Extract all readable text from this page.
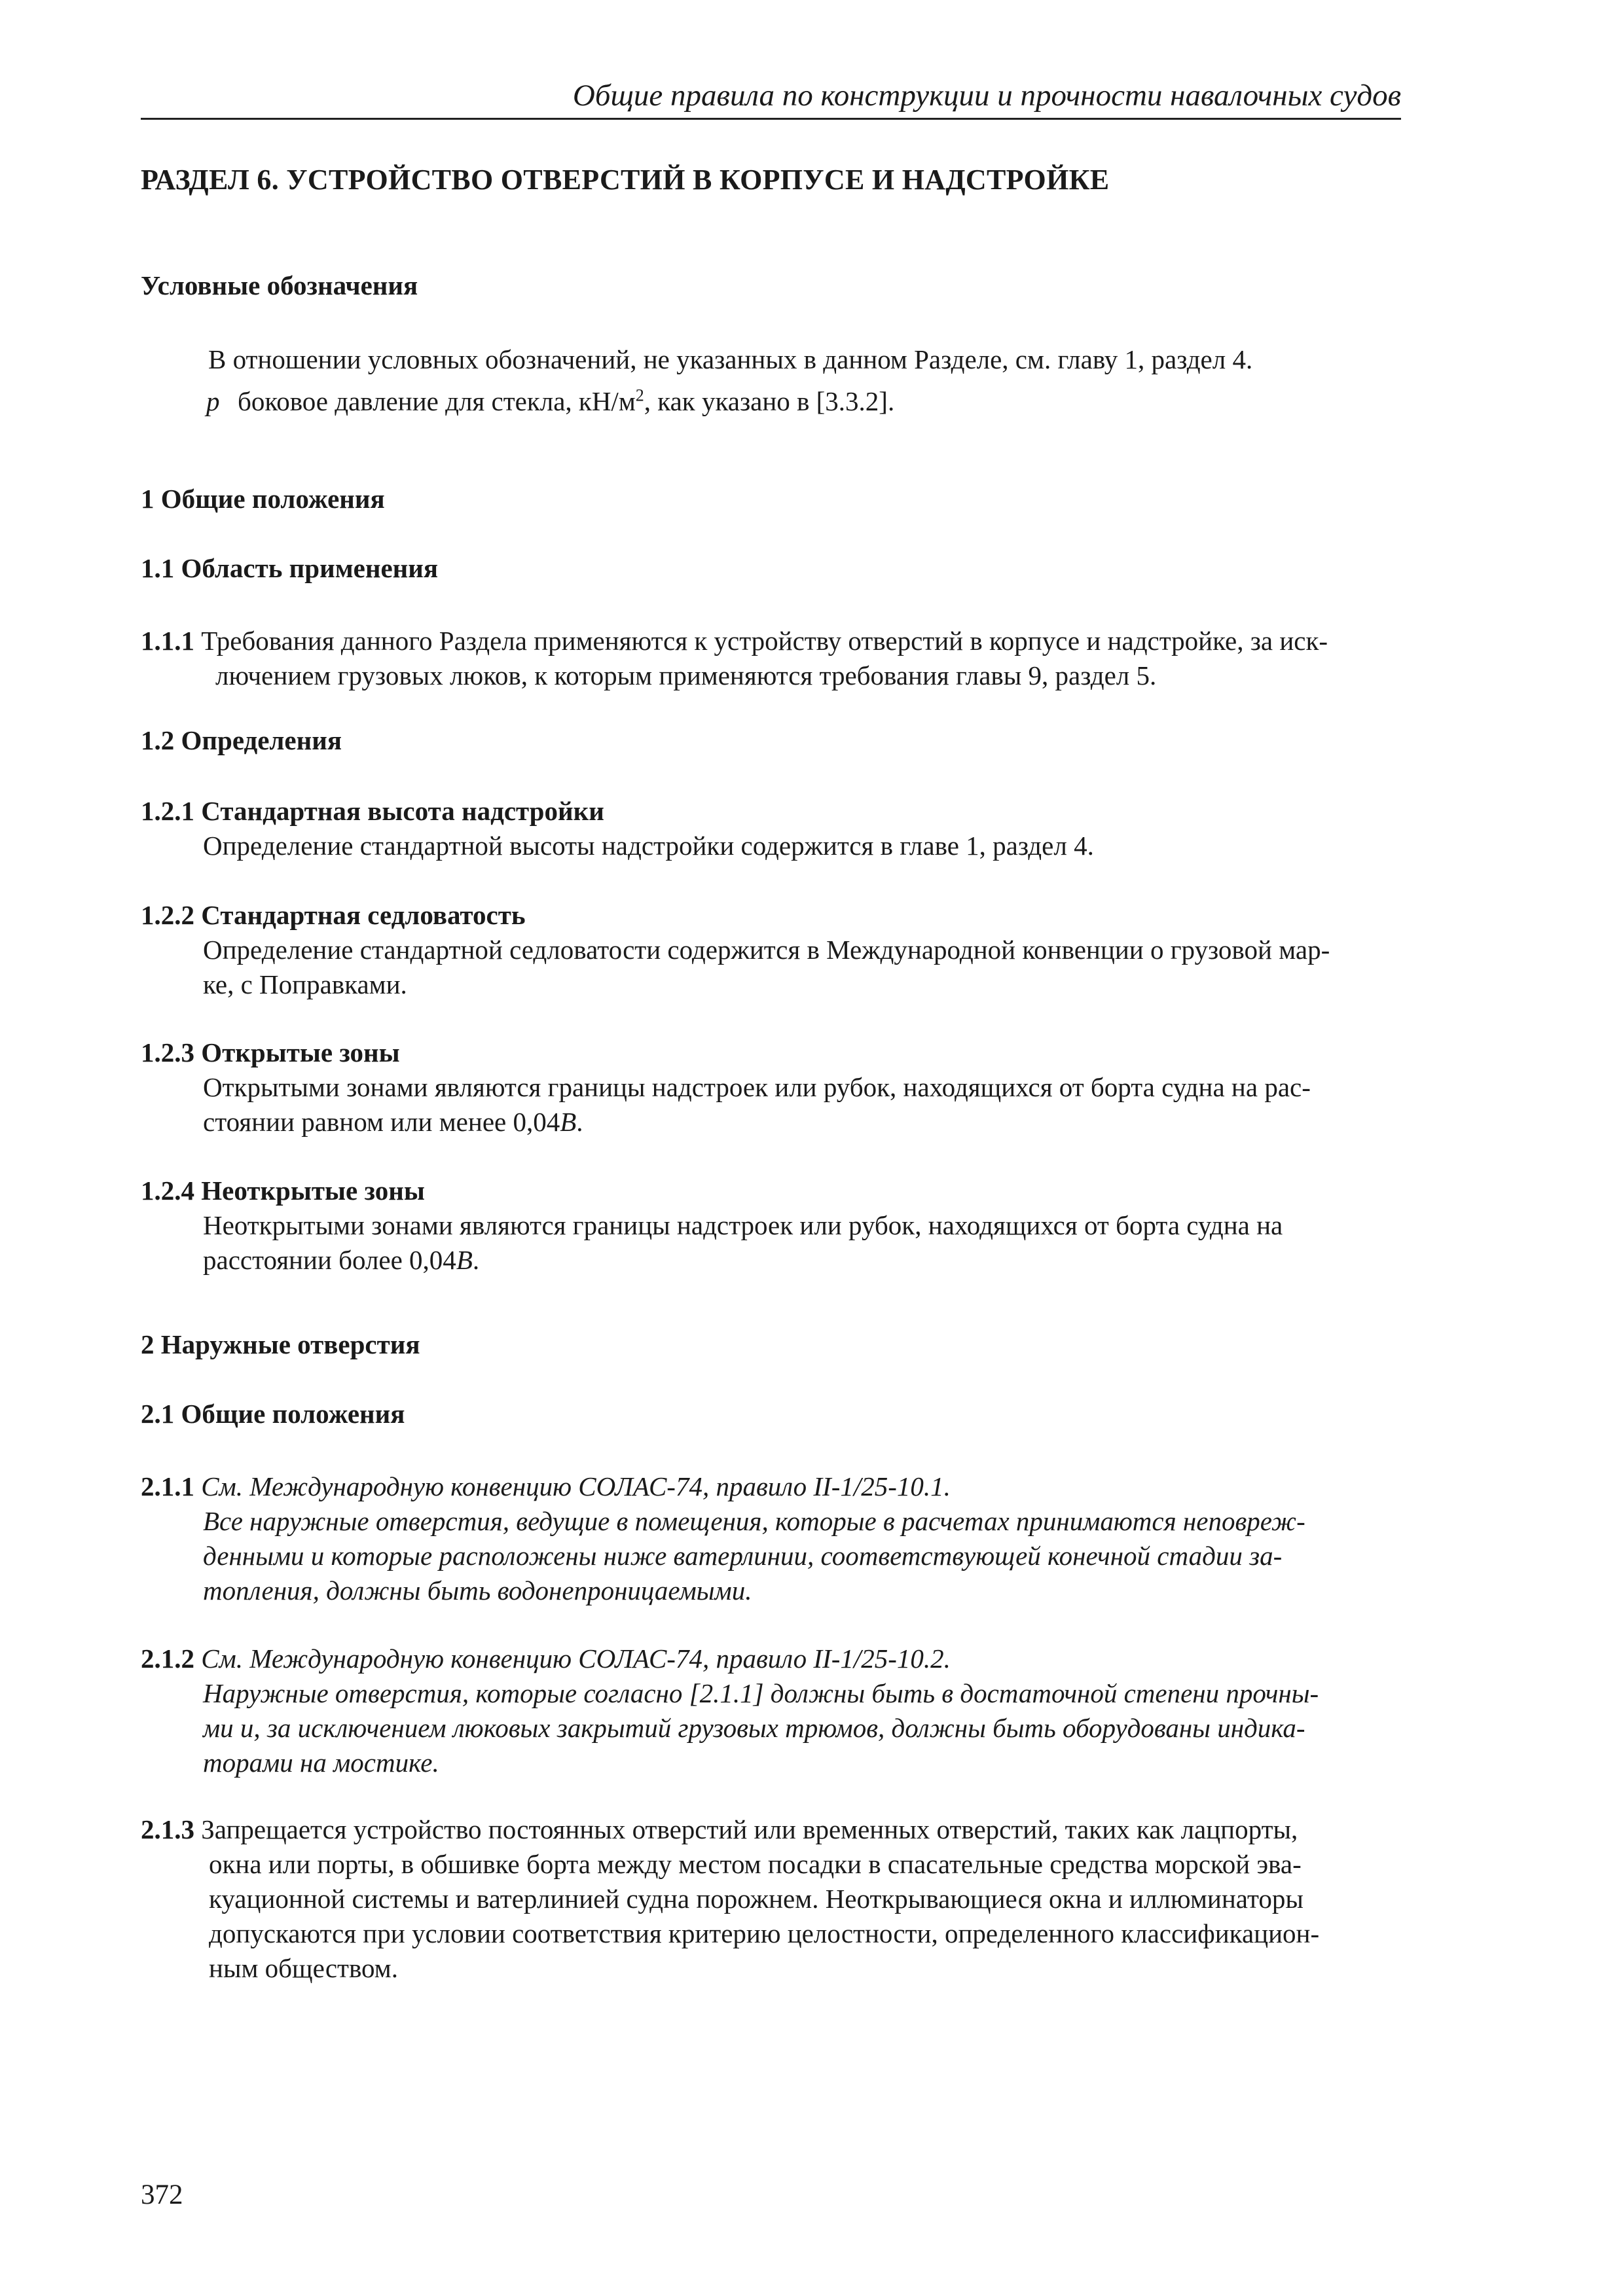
Общие правила по конструкции и прочности навалочных судов
РАЗДЕЛ 6. УСТРОЙСТВО ОТВЕРСТИЙ В КОРПУСЕ И НАДСТРОЙКЕ
Условные обозначения
В отношении условных обозначений, не указанных в данном Разделе, см. главу 1, раздел 4.
p боковое давление для стекла, $кН/м^2$, как указано в [3.3.2].
1 Общие положения
1.1 Область применения
1.1.1 Требования данного Раздела применяются к устройству отверстий в корпусе и надстройке, за иск-
лючением грузовых люков, к которым применяются требования главы 9, раздел 5.
1.2 Определения
1.2.1 Стандартная высота надстройки
Определение стандартной высоты надстройки содержится в главе 1, раздел 4.
1.2.2 Стандартная седловатость
Определение стандартной седловатости содержится в Международной конвенции о грузовой мар-
ке, с Поправками.
1.2.3 Открытые зоны
Открытыми зонами являются границы надстроек или рубок, находящихся от борта судна на рас-
стоянии равном или менее 0,04B.
1.2.4 Неоткрытые зоны
Неоткрытыми зонами являются границы надстроек или рубок, находящихся от борта судна на
расстоянии более 0,04B.
2 Наружные отверстия
2.1 Общие положения
2.1.1 См. Международную конвенцию СОЛАС-74, правило II-1/25-10.1.
Все наружные отверстия, ведущие в помещения, которые в расчетах принимаются неповреж-
денными и которые расположены ниже ватерлинии, соответствующей конечной стадии за-
топления, должны быть водонепроницаемыми.
2.1.2 См. Международную конвенцию СОЛАС-74, правило II-1/25-10.2.
Наружные отверстия, которые согласно [2.1.1] должны быть в достаточной степени прочны-
ми и, за исключением люковых закрытий грузовых трюмов, должны быть оборудованы индика-
торами на мостике.
2.1.3 Запрещается устройство постоянных отверстий или временных отверстий, таких как лацпорты,
окна или порты, в обшивке борта между местом посадки в спасательные средства морской эва-
куационной системы и ватерлинией судна порожнем. Неоткрывающиеся окна и иллюминаторы
допускаются при условии соответствия критерию целостности, определенного классификацион-
ным обществом.
372
